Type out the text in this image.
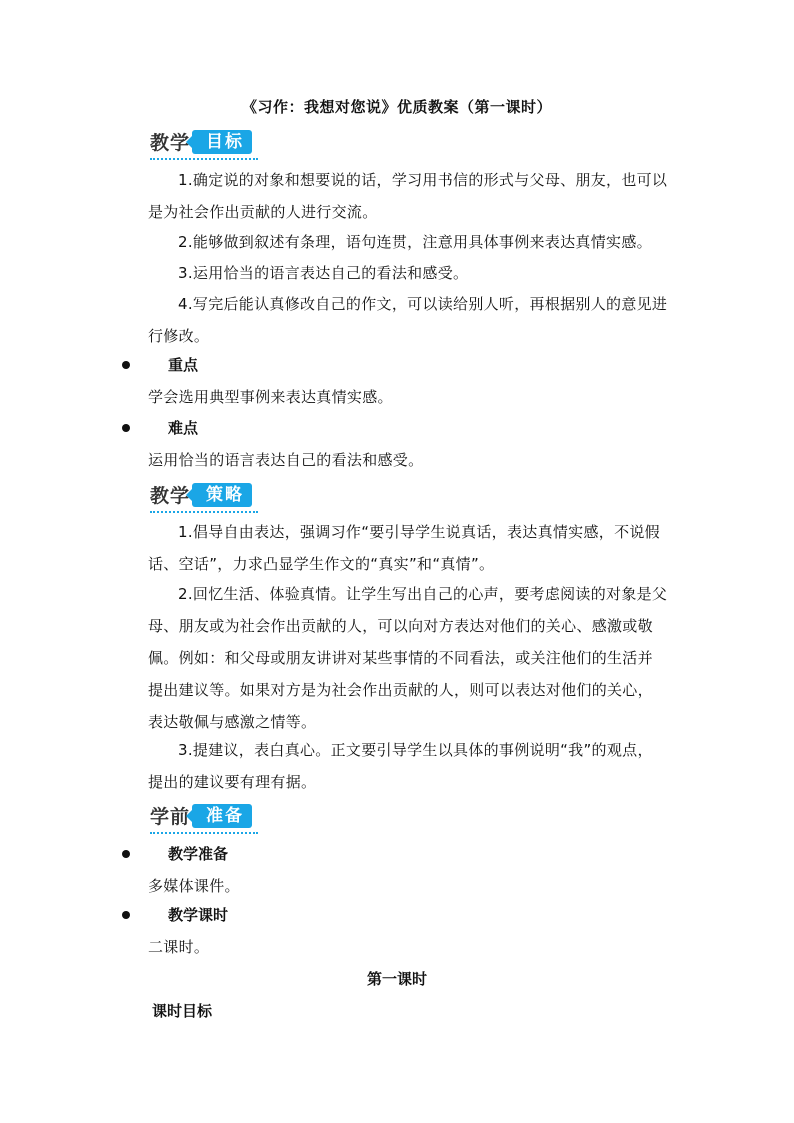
《习作：我想对您说》优质教案（第一课时）
教学 目标
1.确定说的对象和想要说的话，学习用书信的形式与父母、朋友，也可以是为社会作出贡献的人进行交流。
2.能够做到叙述有条理，语句连贯，注意用具体事例来表达真情实感。
3.运用恰当的语言表达自己的看法和感受。
4.写完后能认真修改自己的作文，可以读给别人听，再根据别人的意见进行修改。
重点
学会选用典型事例来表达真情实感。
难点
运用恰当的语言表达自己的看法和感受。
教学 策略
1.倡导自由表达，强调习作“要引导学生说真话，表达真情实感，不说假话、空话”，力求凸显学生作文的“真实”和“真情”。
2.回忆生活、体验真情。让学生写出自己的心声，要考虑阅读的对象是父母、朋友或为社会作出贡献的人，可以向对方表达对他们的关心、感激或敬佩。例如：和父母或朋友讲讲对某些事情的不同看法，或关注他们的生活并提出建议等。如果对方是为社会作出贡献的人，则可以表达对他们的关心，表达敬佩与感激之情等。
3.提建议，表白真心。正文要引导学生以具体的事例说明“我”的观点，提出的建议要有理有据。
学前 准备
教学准备
多媒体课件。
教学课时
二课时。
第一课时
课时目标
